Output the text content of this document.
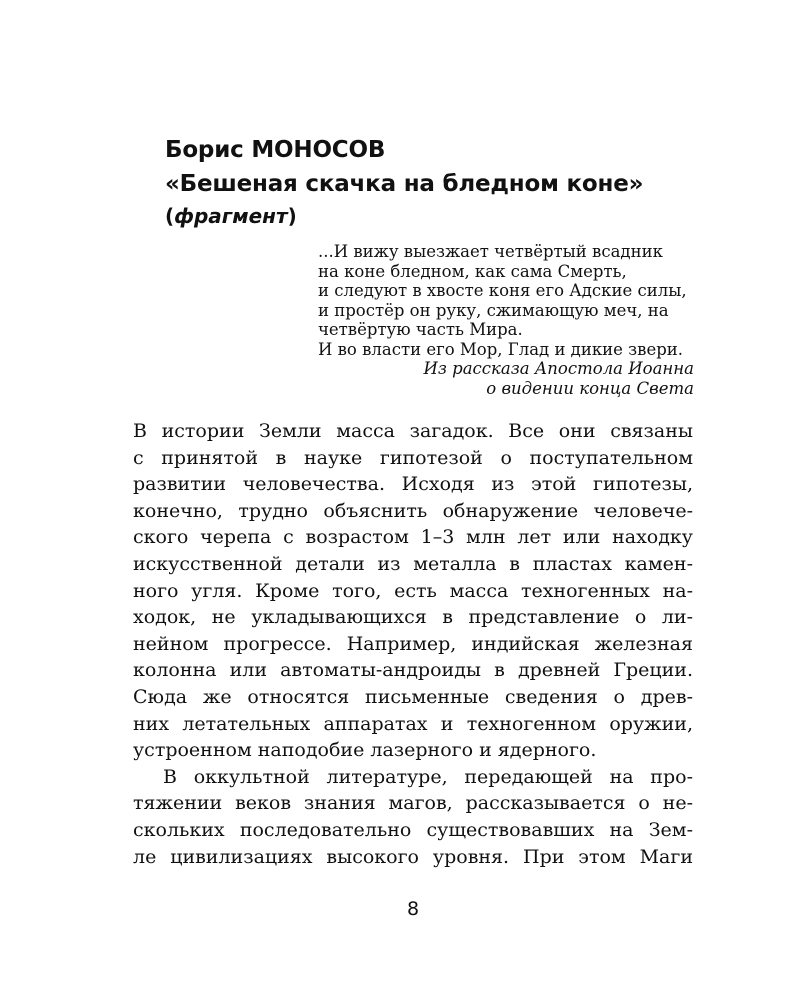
Борис МОНОСОВ
«Бешеная скачка на бледном коне»
(фрагмент)
...И вижу выезжает четвёртый всадник
на коне бледном, как сама Смерть,
и следуют в хвосте коня его Адские силы,
и простёр он руку, сжимающую меч, на
четвёртую часть Мира.
И во власти его Мор, Глад и дикие звери.
Из рассказа Апостола Иоанна
о видении конца Света
В истории Земли масса загадок. Все они связаны
с принятой в науке гипотезой о поступательном
развитии человечества. Исходя из этой гипотезы,
конечно, трудно объяснить обнаружение человече-
ского черепа с возрастом 1–3 млн лет или находку
искусственной детали из металла в пластах камен-
ного угля. Кроме того, есть масса техногенных на-
ходок, не укладывающихся в представление о ли-
нейном прогрессе. Например, индийская железная
колонна или автоматы-андроиды в древней Греции.
Сюда же относятся письменные сведения о древ-
них летательных аппаратах и техногенном оружии,
устроенном наподобие лазерного и ядерного.
В оккультной литературе, передающей на про-
тяжении веков знания магов, рассказывается о не-
скольких последовательно существовавших на Зем-
ле цивилизациях высокого уровня. При этом Маги
8
